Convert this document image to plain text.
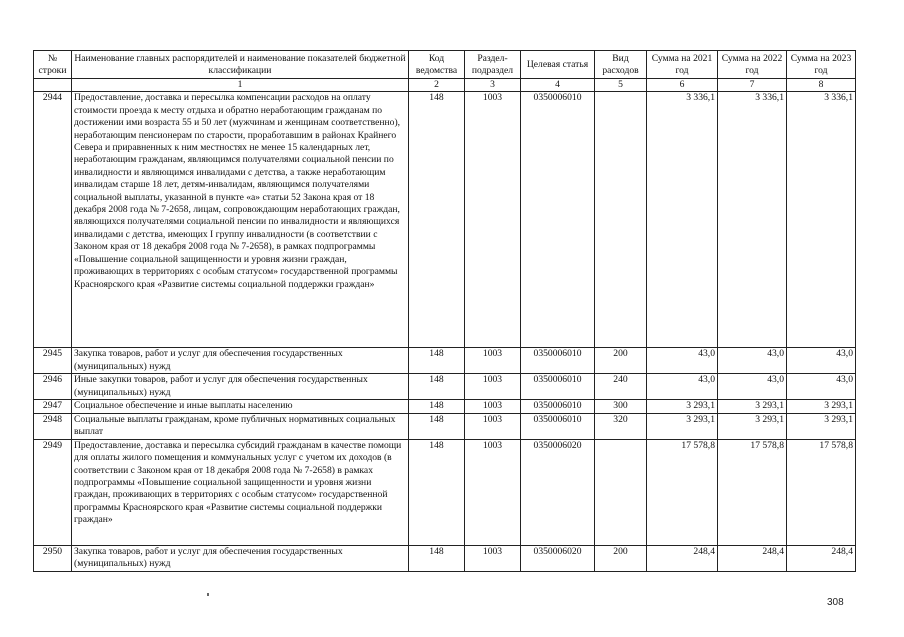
№ строки	Наименование главных распорядителей и наименование показателей бюджетной классификации	Код ведомства	Раздел-подраздел	Целевая статья	Вид расходов	Сумма на 2021 год	Сумма на 2022 год	Сумма на 2023 год
	1	2	3	4	5	6	7	8
2944	Предоставление, доставка и пересылка компенсации расходов на оплату стоимости проезда к месту отдыха и обратно неработающим гражданам по достижении ими возраста 55 и 50 лет (мужчинам и женщинам соответственно), неработающим пенсионерам по старости, проработавшим в районах Крайнего Севера и приравненных к ним местностях не менее 15 календарных лет, неработающим гражданам, являющимся получателями социальной пенсии по инвалидности и являющимся инвалидами с детства, а также неработающим инвалидам старше 18 лет, детям-инвалидам, являющимся получателями социальной выплаты, указанной в пункте «а» статьи 52 Закона края от 18 декабря 2008 года № 7-2658, лицам, сопровождающим неработающих граждан, являющихся получателями социальной пенсии по инвалидности и являющихся инвалидами с детства, имеющих I группу инвалидности (в соответствии с Законом края от 18 декабря 2008 года № 7-2658), в рамках подпрограммы «Повышение социальной защищенности и уровня жизни граждан, проживающих в территориях с особым статусом» государственной программы Красноярского края «Развитие системы социальной поддержки граждан»	148	1003	0350006010		3 336,1	3 336,1	3 336,1
2945	Закупка товаров, работ и услуг для обеспечения государственных (муниципальных) нужд	148	1003	0350006010	200	43,0	43,0	43,0
2946	Иные закупки товаров, работ и услуг для обеспечения государственных (муниципальных) нужд	148	1003	0350006010	240	43,0	43,0	43,0
2947	Социальное обеспечение и иные выплаты населению	148	1003	0350006010	300	3 293,1	3 293,1	3 293,1
2948	Социальные выплаты гражданам, кроме публичных нормативных социальных выплат	148	1003	0350006010	320	3 293,1	3 293,1	3 293,1
2949	Предоставление, доставка и пересылка субсидий гражданам в качестве помощи для оплаты жилого помещения и коммунальных услуг с учетом их доходов (в соответствии с Законом края от 18 декабря 2008 года № 7-2658) в рамках подпрограммы «Повышение социальной защищенности и уровня жизни граждан, проживающих в территориях с особым статусом» государственной программы Красноярского края «Развитие системы социальной поддержки граждан»	148	1003	0350006020		17 578,8	17 578,8	17 578,8
2950	Закупка товаров, работ и услуг для обеспечения государственных (муниципальных) нужд	148	1003	0350006020	200	248,4	248,4	248,4
308
